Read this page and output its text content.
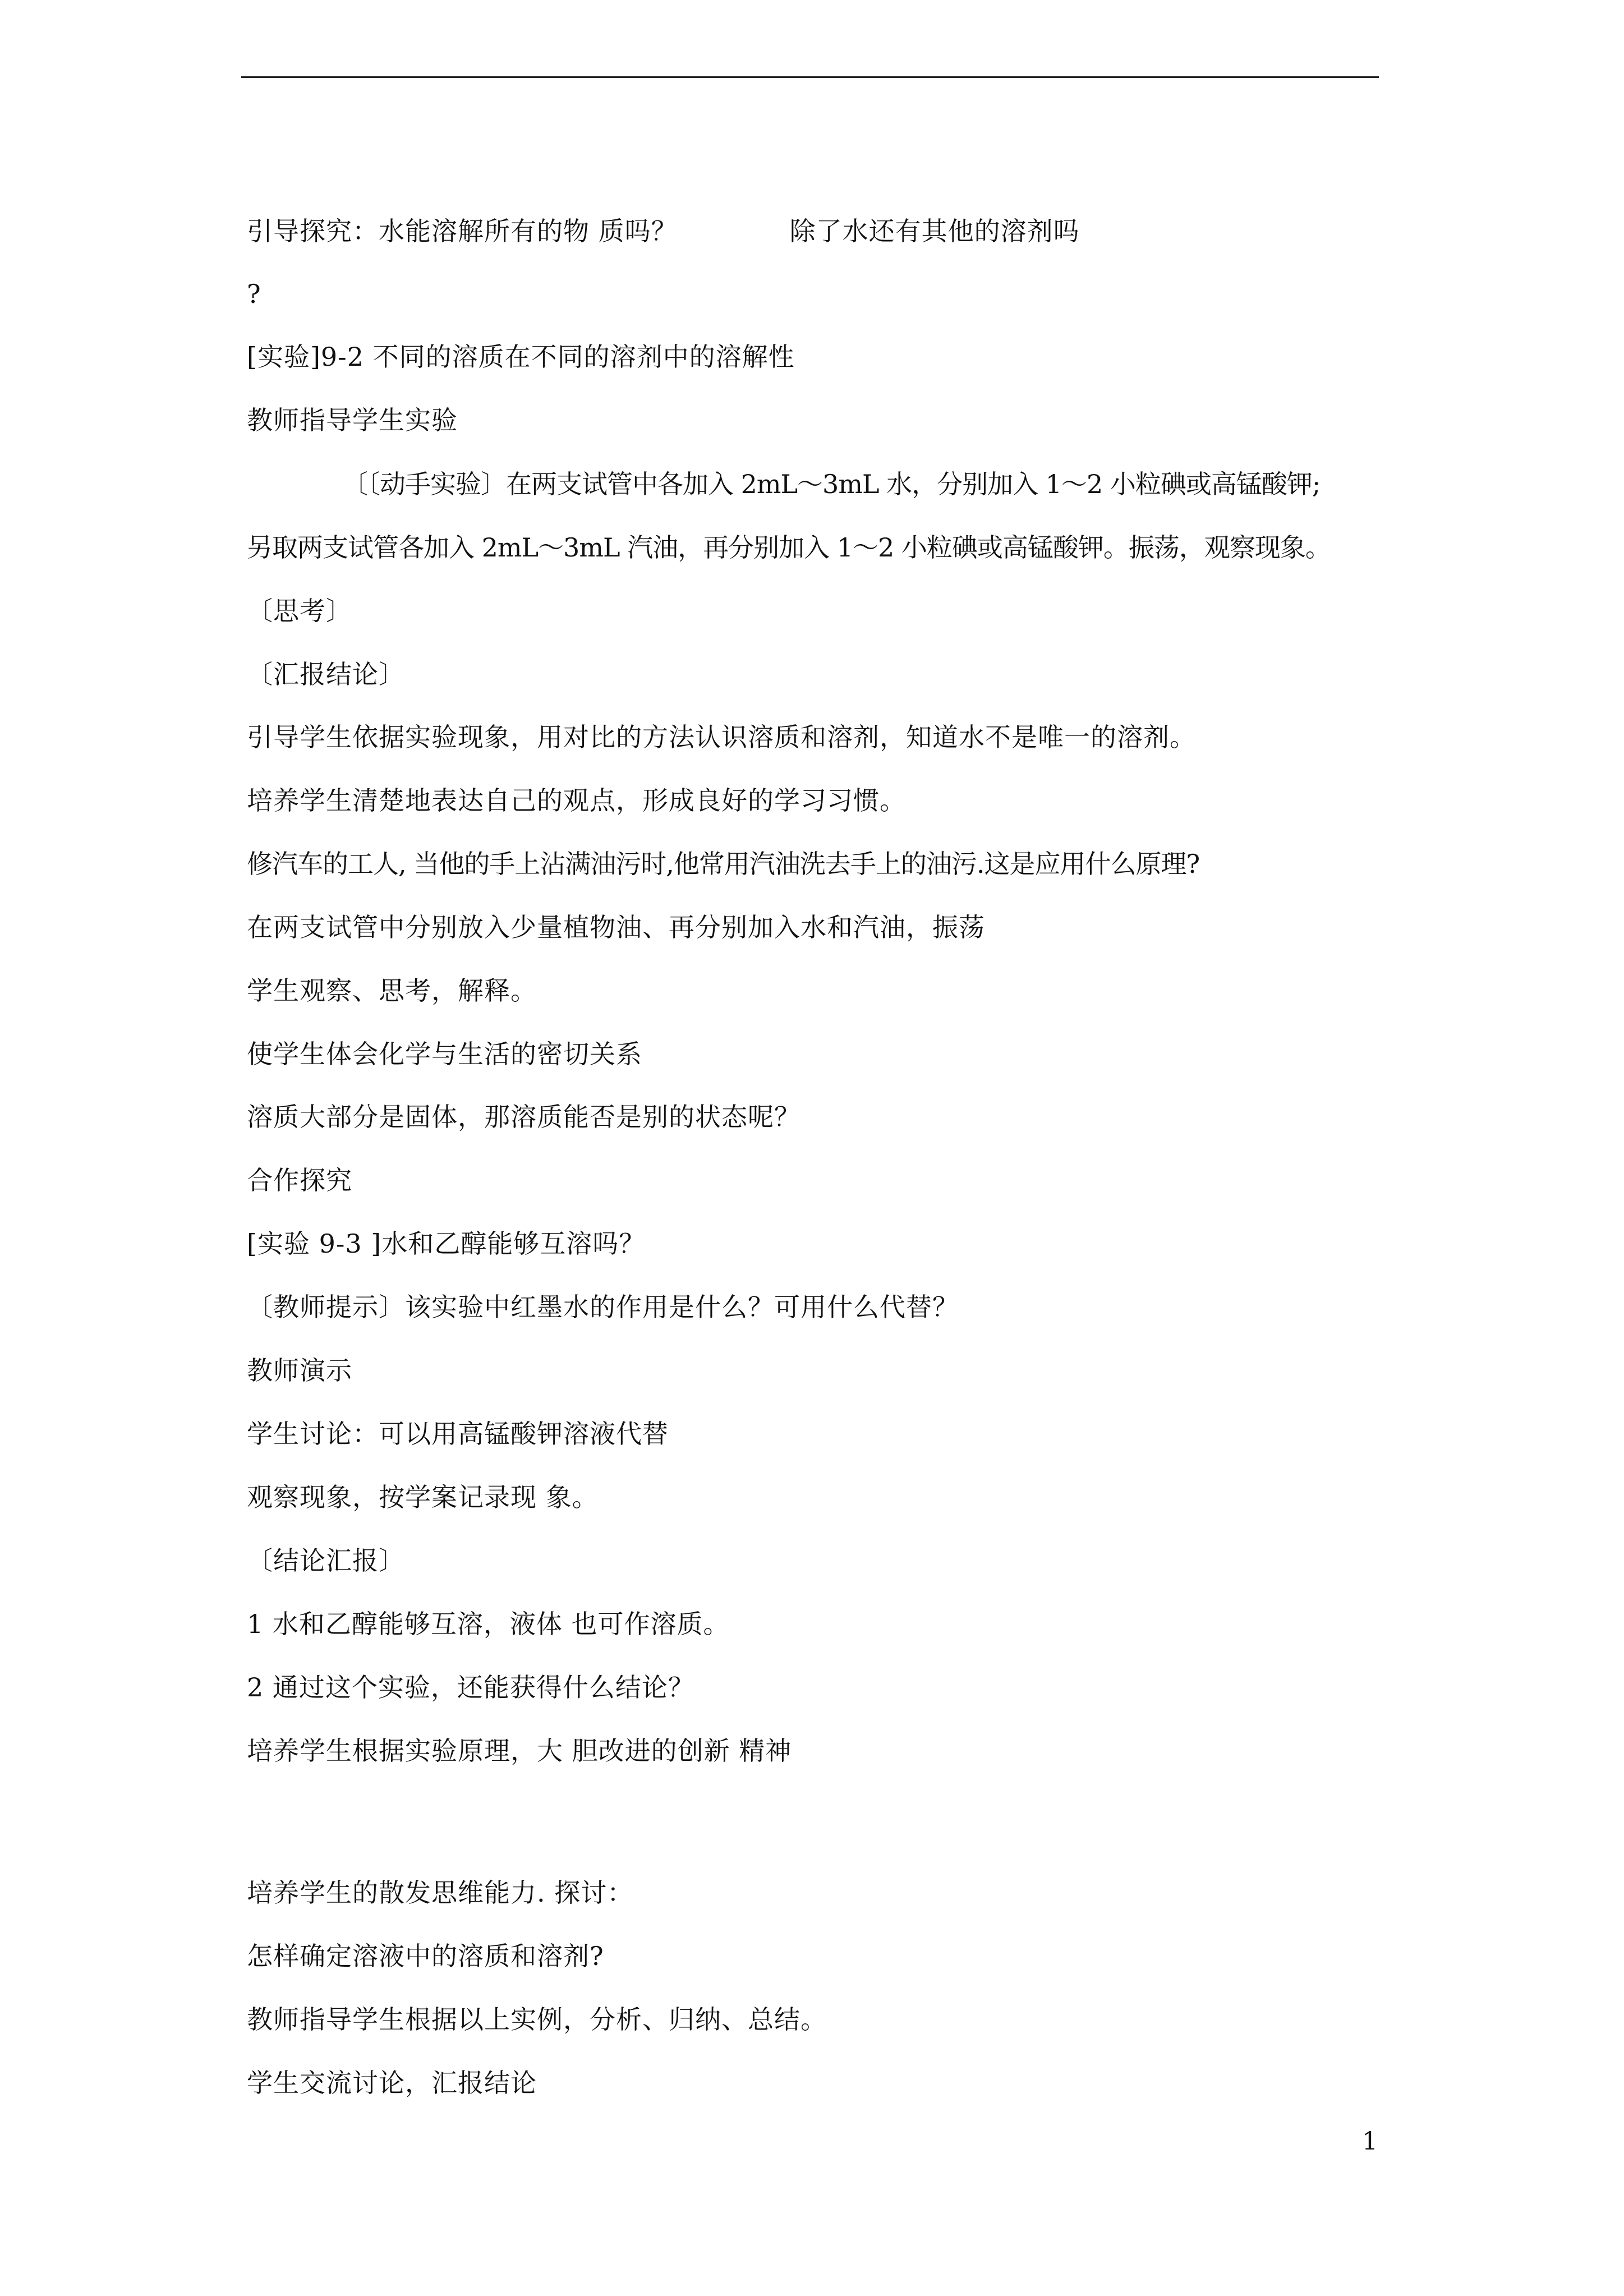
引导探究：水能溶解所有的物 质吗？	除了水还有其他的溶剂吗
?
[实验]9-2 不同的溶质在不同的溶剂中的溶解性
教师指导学生实验
〔〔动手实验〕在两支试管中各加入 2mL～3mL 水，分别加入 1～2 小粒碘或高锰酸钾;
另取两支试管各加入 2mL～3mL 汽油，再分别加入 1～2 小粒碘或高锰酸钾。振荡，观察现象。
〔思考〕
〔汇报结论〕
引导学生依据实验现象，用对比的方法认识溶质和溶剂，知道水不是唯一的溶剂。
培养学生清楚地表达自己的观点，形成良好的学习习惯。
修汽车的工人, 当他的手上沾满油污时,他常用汽油洗去手上的油污.这是应用什么原理?
在两支试管中分别放入少量植物油、再分别加入水和汽油，振荡
学生观察、思考，解释。
使学生体会化学与生活的密切关系
溶质大部分是固体，那溶质能否是别的状态呢？
合作探究
[实验 9-3 ]水和乙醇能够互溶吗？
〔教师提示〕该实验中红墨水的作用是什么？可用什么代替？
教师演示
学生讨论：可以用高锰酸钾溶液代替
观察现象，按学案记录现 象。
〔结论汇报〕
1 水和乙醇能够互溶，液体 也可作溶质。
2 通过这个实验，还能获得什么结论？
培养学生根据实验原理，大 胆改进的创新 精神
培养学生的散发思维能力. 探讨：
怎样确定溶液中的溶质和溶剂?
教师指导学生根据以上实例，分析、归纳、总结。
学生交流讨论，汇报结论
1
